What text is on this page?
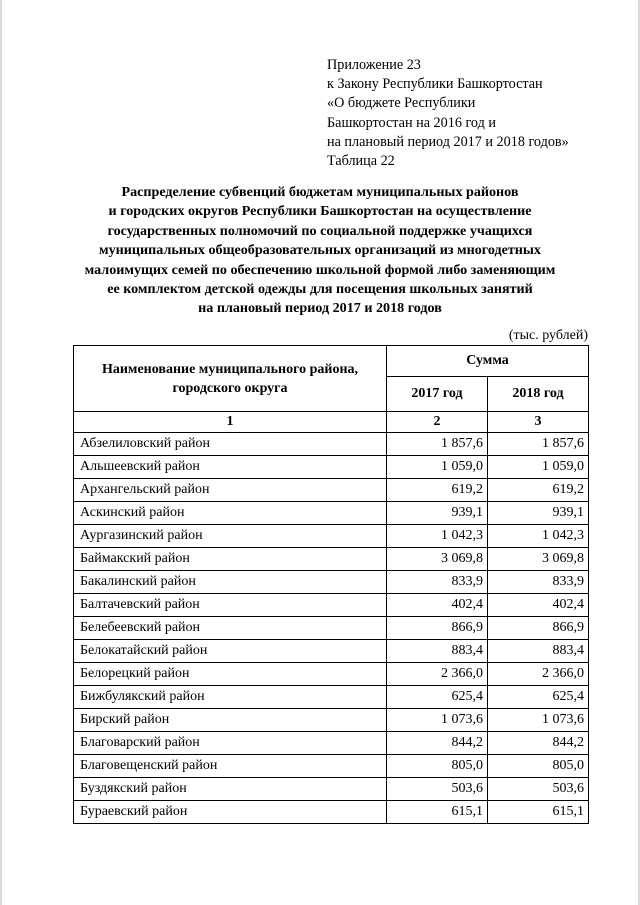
Приложение 23
к Закону Республики Башкортостан
«О бюджете Республики
Башкортостан на 2016 год и
на плановый период 2017 и 2018 годов»
Таблица 22
Распределение субвенций бюджетам муниципальных районов
и городских округов Республики Башкортостан на осуществление
государственных полномочий по социальной поддержке учащихся
муниципальных общеобразовательных организаций из многодетных
малоимущих семей по обеспечению школьной формой либо заменяющим
ее комплектом детской одежды для посещения школьных занятий
на плановый период 2017 и 2018 годов
(тыс. рублей)
Наименование муниципального района,
городского округа	Сумма	
	2017 год	2018 год
1	2	3
Абзелиловский район	1 857,6	1 857,6
Альшеевский район	1 059,0	1 059,0
Архангельский район	619,2	619,2
Аскинский район	939,1	939,1
Аургазинский район	1 042,3	1 042,3
Баймакский район	3 069,8	3 069,8
Бакалинский район	833,9	833,9
Балтачевский район	402,4	402,4
Белебеевский район	866,9	866,9
Белокатайский район	883,4	883,4
Белорецкий район	2 366,0	2 366,0
Бижбулякский район	625,4	625,4
Бирский район	1 073,6	1 073,6
Благоварский район	844,2	844,2
Благовещенский район	805,0	805,0
Буздякский район	503,6	503,6
Бураевский район	615,1	615,1
